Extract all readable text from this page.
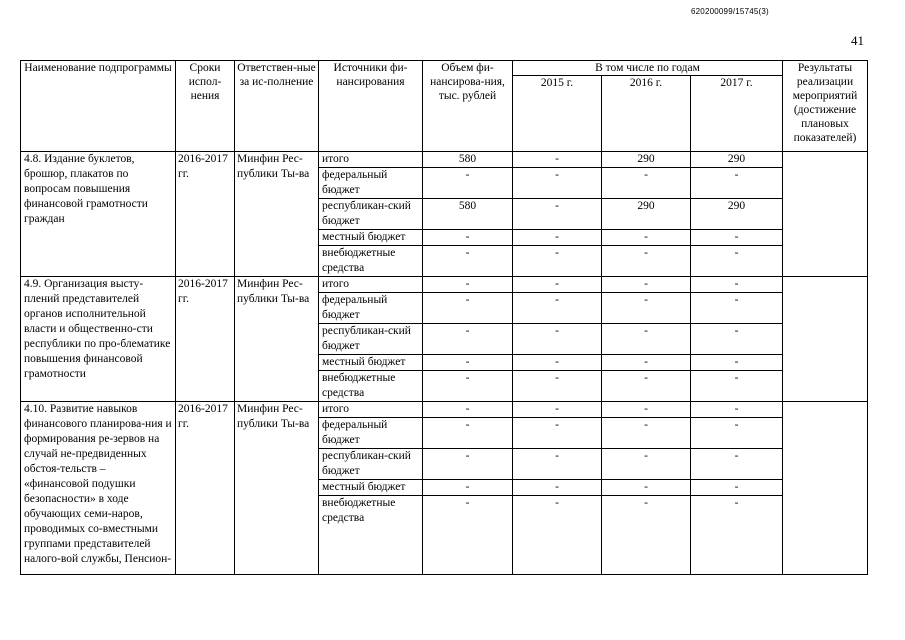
620200099/15745(3)
41
Наименование подпрограммы	Сроки испол-нения	Ответствен-ные за ис-полнение	Источники фи-нансирования	Объем фи-нансирова-ния, тыс. рублей	В том числе по годам			Результаты реализации мероприятий (достижение плановых показателей)
					2015 г.	2016 г.	2017 г.	
4.8. Издание буклетов, брошюр, плакатов по вопросам повышения финансовой грамотности граждан	2016-2017 гг.	Минфин Рес-публики Ты-ва	итого	580	-	290	290	
			федеральный бюджет	-	-	-	-	
			республикан-ский бюджет	580	-	290	290	
			местный бюджет	-	-	-	-	
			внебюджетные средства	-	-	-	-	
4.9. Организация высту-плений представителей органов исполнительной власти и общественно-сти республики по про-блематике повышения финансовой грамотности	2016-2017 гг.	Минфин Рес-публики Ты-ва	итого	-	-	-	-	
			федеральный бюджет	-	-	-	-	
			республикан-ский бюджет	-	-	-	-	
			местный бюджет	-	-	-	-	
			внебюджетные средства	-	-	-	-	
4.10. Развитие навыков финансового планирова-ния и формирования ре-зервов на случай не-предвиденных обстоя-тельств – «финансовой подушки безопасности» в ходе обучающих семи-наров, проводимых со-вместными группами представителей налого-вой службы, Пенсион-	2016-2017 гг.	Минфин Рес-публики Ты-ва	итого	-	-	-	-	
			федеральный бюджет	-	-	-	-	
			республикан-ский бюджет	-	-	-	-	
			местный бюджет	-	-	-	-	
			внебюджетные средства	-	-	-	-	
